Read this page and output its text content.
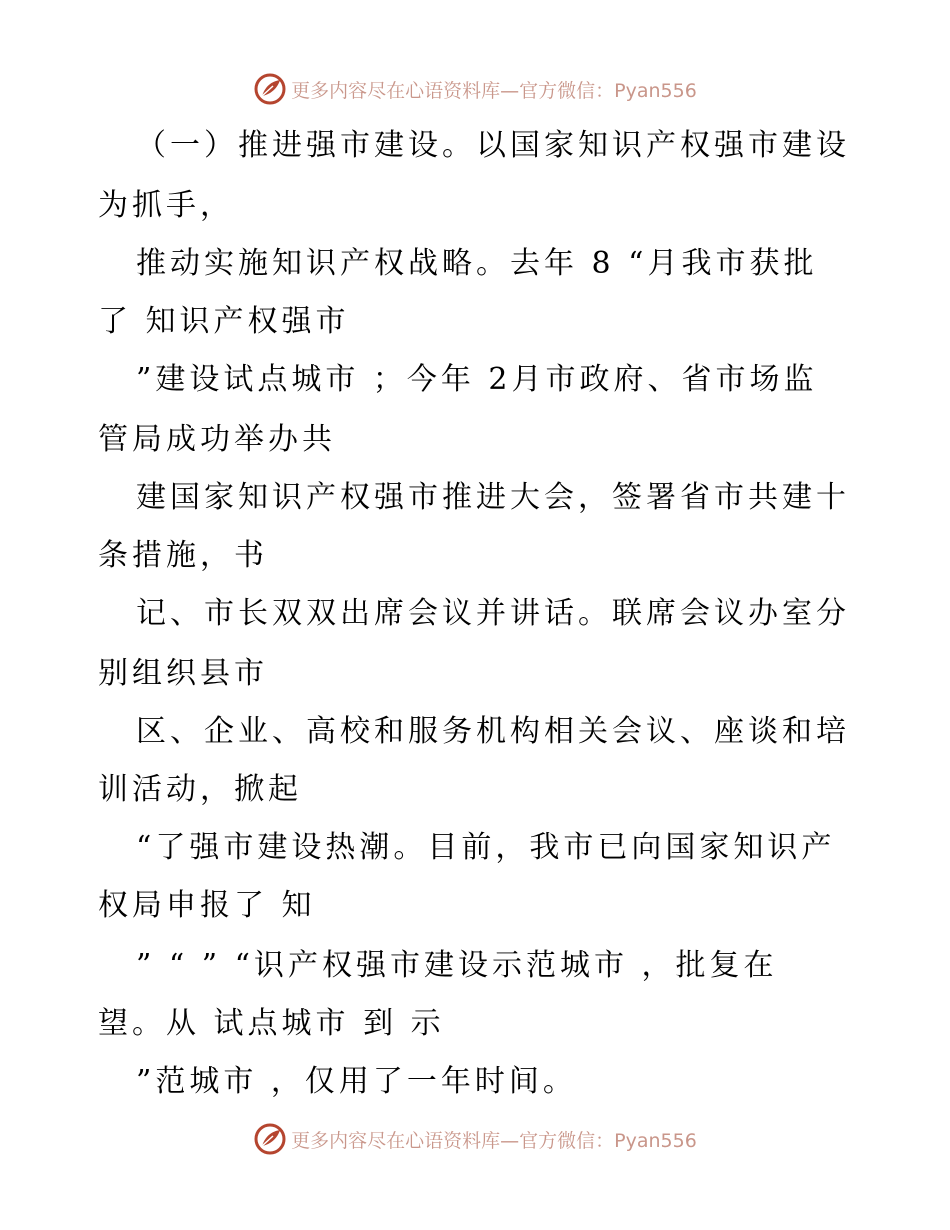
更多内容尽在心语资料库—官方微信：Pyan556
（一）推进强市建设。以国家知识产权强市建设
为抓手，
推动实施知识产权战略。去年 8 “月我市获批
了 知识产权强市
”建设试点城市 ；今年 2月市政府、省市场监
管局成功举办共
建国家知识产权强市推进大会，签署省市共建十
条措施，书
记、市长双双出席会议并讲话。联席会议办室分
别组织县市
区、企业、高校和服务机构相关会议、座谈和培
训活动，掀起
“了强市建设热潮。目前，我市已向国家知识产
权局申报了 知
” “ ” “识产权强市建设示范城市 ，批复在
望。从 试点城市 到 示
”范城市 ，仅用了一年时间。
更多内容尽在心语资料库—官方微信：Pyan556
